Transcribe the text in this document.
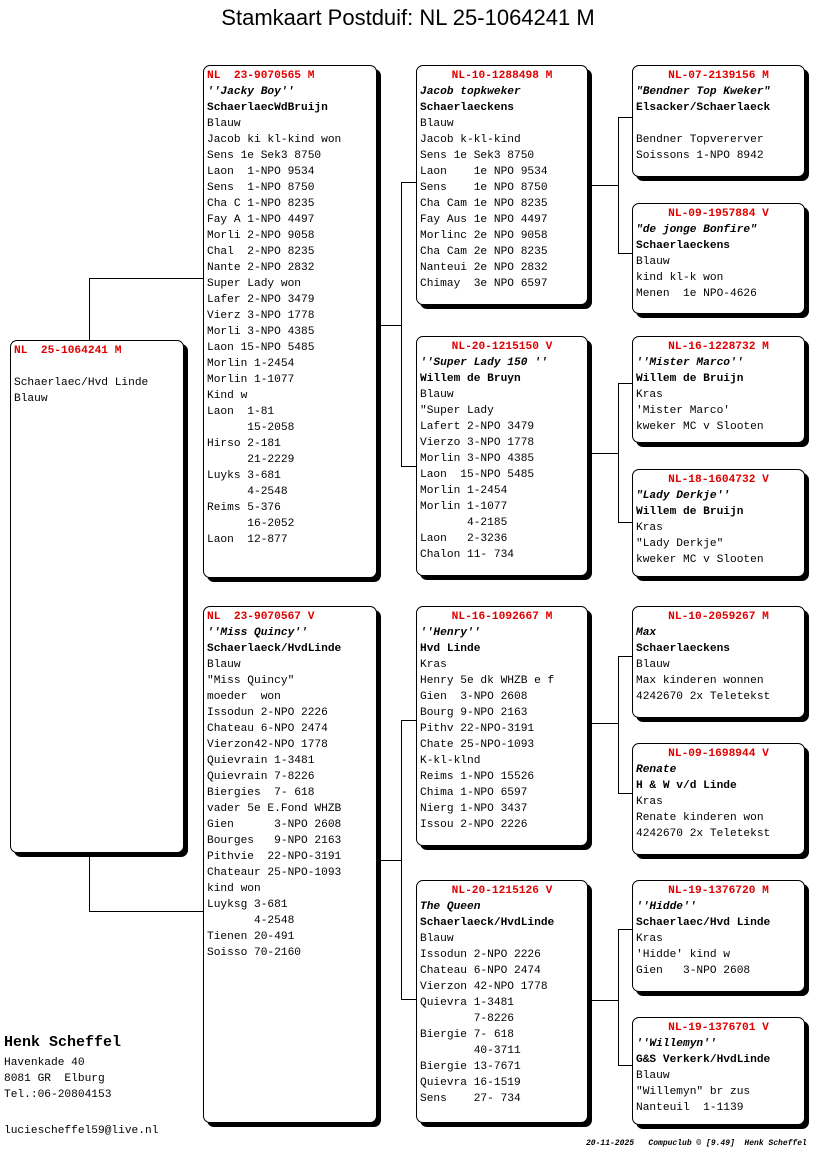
Stamkaart Postduif: NL 25-1064241 M
NL  25-1064241 M
Schaerlaec/Hvd Linde
Blauw
NL  23-9070565 M
''Jacky Boy''
SchaerlaecWdBruijn
Blauw
Jacob ki kl-kind won
Sens 1e Sek3 8750
Laon  1-NPO 9534
Sens  1-NPO 8750
Cha C 1-NPO 8235
Fay A 1-NPO 4497
Morli 2-NPO 9058
Chal  2-NPO 8235
Nante 2-NPO 2832
Super Lady won
Lafer 2-NPO 3479
Vierz 3-NPO 1778
Morli 3-NPO 4385
Laon 15-NPO 5485
Morlin 1-2454
Morlin 1-1077
Kind w
Laon  1-81
15-2058
Hirso 2-181
21-2229
Luyks 3-681
4-2548
Reims 5-376
16-2052
Laon  12-877
NL  23-9070567 V
''Miss Quincy''
Schaerlaeck/HvdLinde
Blauw
"Miss Quincy"
moeder  won
Issodun 2-NPO 2226
Chateau 6-NPO 2474
Vierzon42-NPO 1778
Quievrain 1-3481
Quievrain 7-8226
Biergies  7- 618
vader 5e E.Fond WHZB
Gien      3-NPO 2608
Bourges   9-NPO 2163
Pithvie  22-NPO-3191
Chateaur 25-NPO-1093
kind won
Luyksg 3-681
4-2548
Tienen 20-491
Soisso 70-2160
NL-10-1288498 M
Jacob topkweker
Schaerlaeckens
Blauw
Jacob k-kl-kind
Sens 1e Sek3 8750
Laon    1e NPO 9534
Sens    1e NPO 8750
Cha Cam 1e NPO 8235
Fay Aus 1e NPO 4497
Morlinc 2e NPO 9058
Cha Cam 2e NPO 8235
Nanteui 2e NPO 2832
Chimay  3e NPO 6597
NL-20-1215150 V
''Super Lady 150 ''
Willem de Bruyn
Blauw
"Super Lady
Lafert 2-NPO 3479
Vierzo 3-NPO 1778
Morlin 3-NPO 4385
Laon  15-NPO 5485
Morlin 1-2454
Morlin 1-1077
4-2185
Laon   2-3236
Chalon 11- 734
NL-16-1092667 M
''Henry''
Hvd Linde
Kras
Henry 5e dk WHZB e f
Gien  3-NPO 2608
Bourg 9-NPO 2163
Pithv 22-NPO-3191
Chate 25-NPO-1093
K-kl-klnd
Reims 1-NPO 15526
Chima 1-NPO 6597
Nierg 1-NPO 3437
Issou 2-NPO 2226
NL-20-1215126 V
The Queen
Schaerlaeck/HvdLinde
Blauw
Issodun 2-NPO 2226
Chateau 6-NPO 2474
Vierzon 42-NPO 1778
Quievra 1-3481
7-8226
Biergie 7- 618
40-3711
Biergie 13-7671
Quievra 16-1519
Sens    27- 734
NL-07-2139156 M
"Bendner Top Kweker"
Elsacker/Schaerlaeck
Bendner Topvererver
Soissons 1-NPO 8942
NL-09-1957884 V
"de jonge Bonfire"
Schaerlaeckens
Blauw
kind kl-k won
Menen  1e NPO-4626
NL-16-1228732 M
''Mister Marco''
Willem de Bruijn
Kras
'Mister Marco'
kweker MC v Slooten
NL-18-1604732 V
"Lady Derkje''
Willem de Bruijn
Kras
"Lady Derkje"
kweker MC v Slooten
NL-10-2059267 M
Max
Schaerlaeckens
Blauw
Max kinderen wonnen
4242670 2x Teletekst
NL-09-1698944 V
Renate
H & W v/d Linde
Kras
Renate kinderen won
4242670 2x Teletekst
NL-19-1376720 M
''Hidde''
Schaerlaec/Hvd Linde
Kras
'Hidde' kind w
Gien   3-NPO 2608
NL-19-1376701 V
''Willemyn''
G&S Verkerk/HvdLinde
Blauw
"Willemyn" br zus
Nanteuil  1-1139
Henk Scheffel
Havenkade 40
8081 GR  Elburg
Tel.:06-20804153
luciescheffel59@live.nl
20-11-2025   Compuclub © [9.49]  Henk Scheffel
